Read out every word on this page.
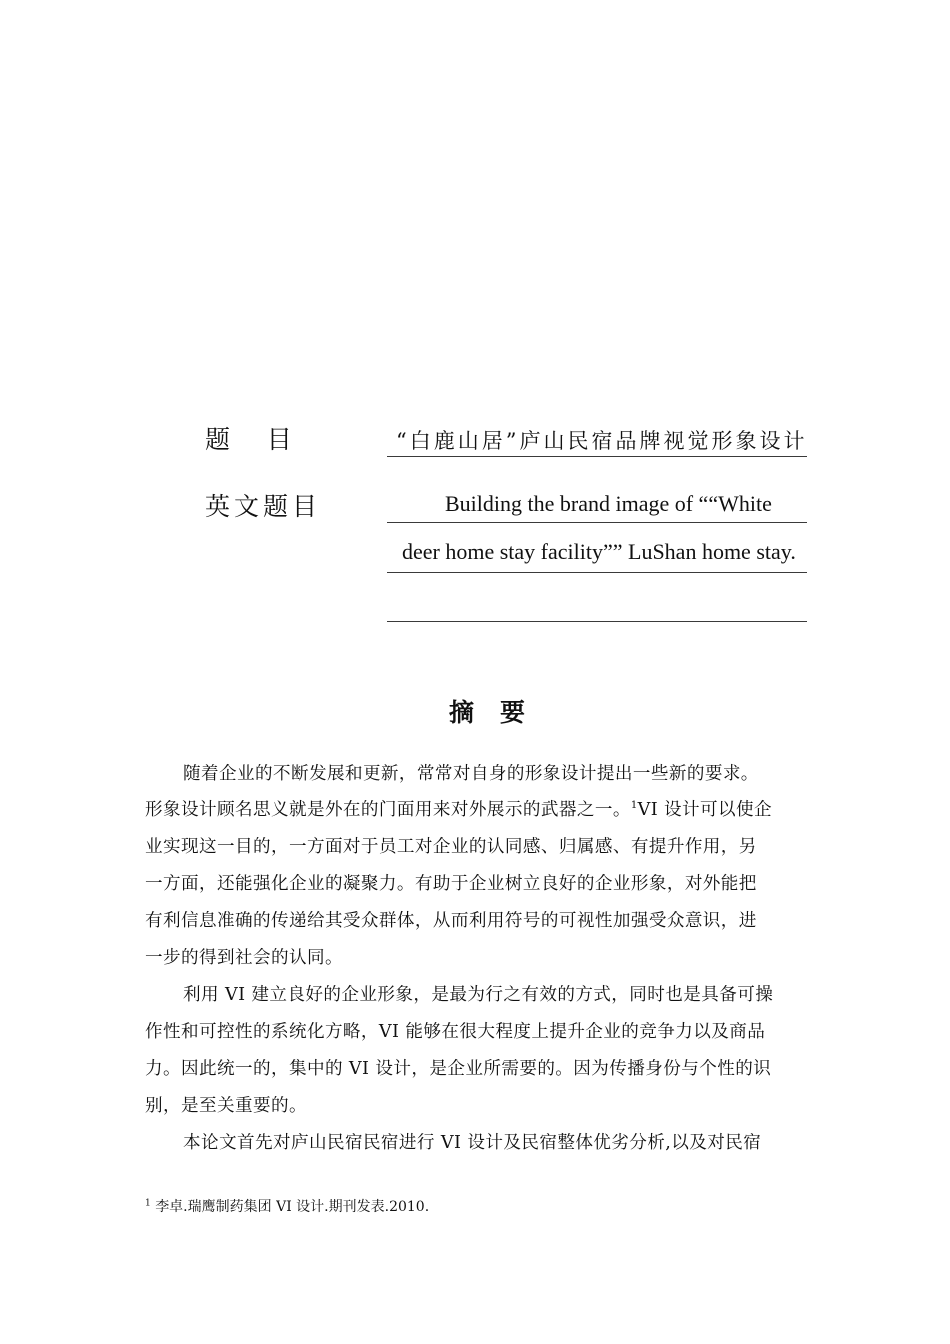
题    目	“白鹿山居”庐山民宿品牌视觉形象设计
英文题目	Building the brand image of ““White
deer home stay facility”” LuShan home stay.
摘要
随着企业的不断发展和更新，常常对自身的形象设计提出一些新的要求。
形象设计顾名思义就是外在的门面用来对外展示的武器之一。$^1$VI 设计可以使企
业实现这一目的，一方面对于员工对企业的认同感、归属感、有提升作用，另
一方面，还能强化企业的凝聚力。有助于企业树立良好的企业形象，对外能把
有利信息准确的传递给其受众群体，从而利用符号的可视性加强受众意识，进
一步的得到社会的认同。
利用 VI 建立良好的企业形象，是最为行之有效的方式，同时也是具备可操
作性和可控性的系统化方略，VI 能够在很大程度上提升企业的竞争力以及商品
力。因此统一的，集中的 VI 设计，是企业所需要的。因为传播身份与个性的识
别，是至关重要的。
本论文首先对庐山民宿民宿进行 VI 设计及民宿整体优劣分析,以及对民宿
$^1$ 李卓.瑞鹰制药集团 VI 设计.期刊发表.2010.
